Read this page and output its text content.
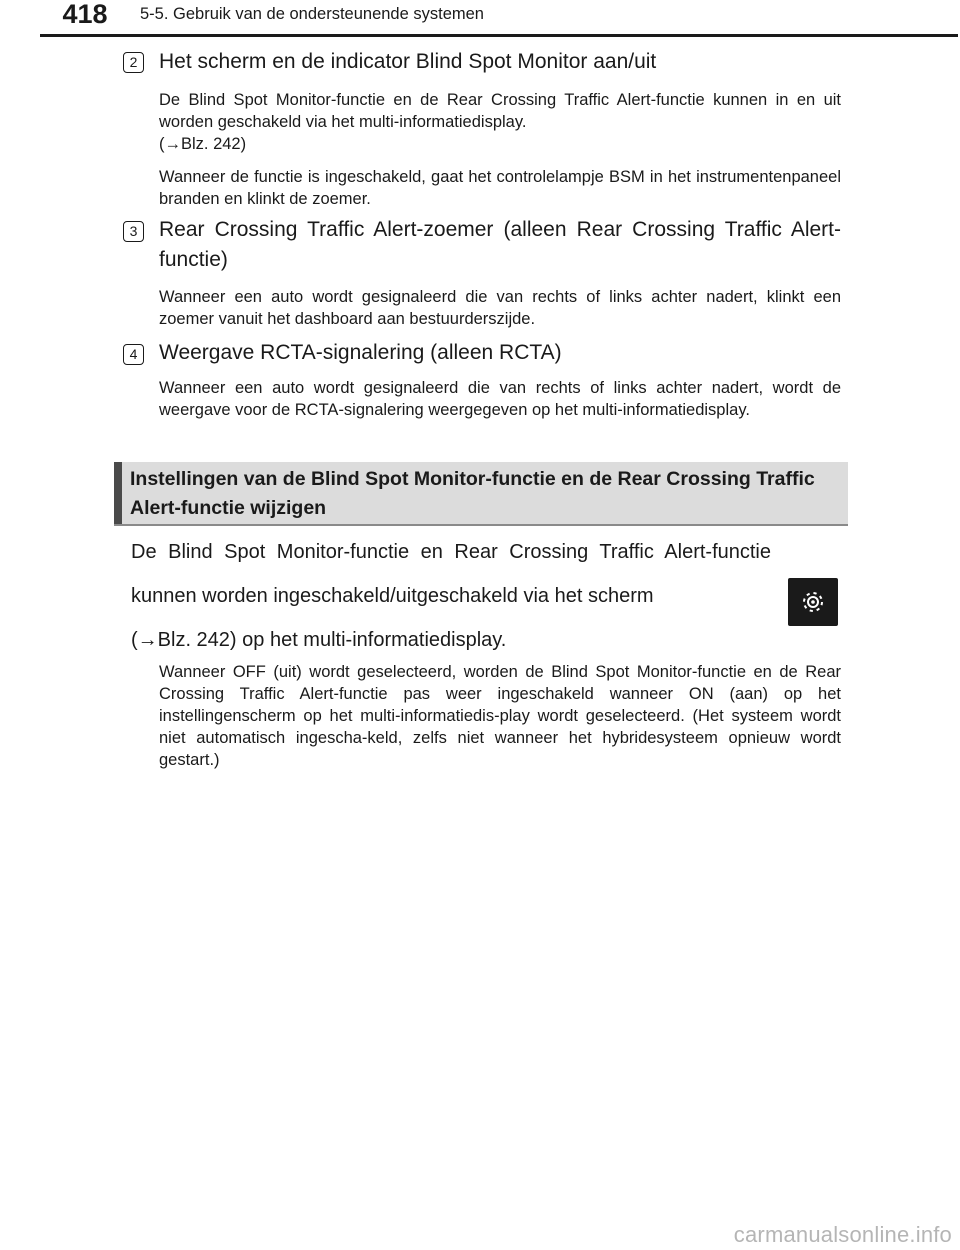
418	5-5. Gebruik van de ondersteunende systemen
2	Het scherm en de indicator Blind Spot Monitor aan/uit

De Blind Spot Monitor-functie en de Rear Crossing Traffic Alert-functie kunnen in en uit worden geschakeld via het multi-informatiedisplay.

(→Blz. 242)

Wanneer de functie is ingeschakeld, gaat het controlelampje BSM in het instrumentenpaneel branden en klinkt de zoemer.

3	Rear Crossing Traffic Alert-zoemer (alleen Rear Crossing Traffic Alert-functie)

Wanneer een auto wordt gesignaleerd die van rechts of links achter nadert, klinkt een zoemer vanuit het dashboard aan bestuurderszijde.

4	Weergave RCTA-signalering (alleen RCTA)

Wanneer een auto wordt gesignaleerd die van rechts of links achter nadert, wordt de weergave voor de RCTA-signalering weergegeven op het multi-informatiedisplay.

Instellingen van de Blind Spot Monitor-functie en de Rear Crossing Traffic Alert-functie wijzigen
De Blind Spot Monitor-functie en Rear Crossing Traffic Alert-functie kunnen worden ingeschakeld/uitgeschakeld via het scherm
(→Blz. 242) op het multi-informatiedisplay.

Wanneer OFF (uit) wordt geselecteerd, worden de Blind Spot Monitor-functie en de Rear Crossing Traffic Alert-functie pas weer ingeschakeld wanneer ON (aan) op het instellingenscherm op het multi-informatiedis-play wordt geselecteerd. (Het systeem wordt niet automatisch ingescha-keld, zelfs niet wanneer het hybridesysteem opnieuw wordt gestart.)

carmanualsonline.info
